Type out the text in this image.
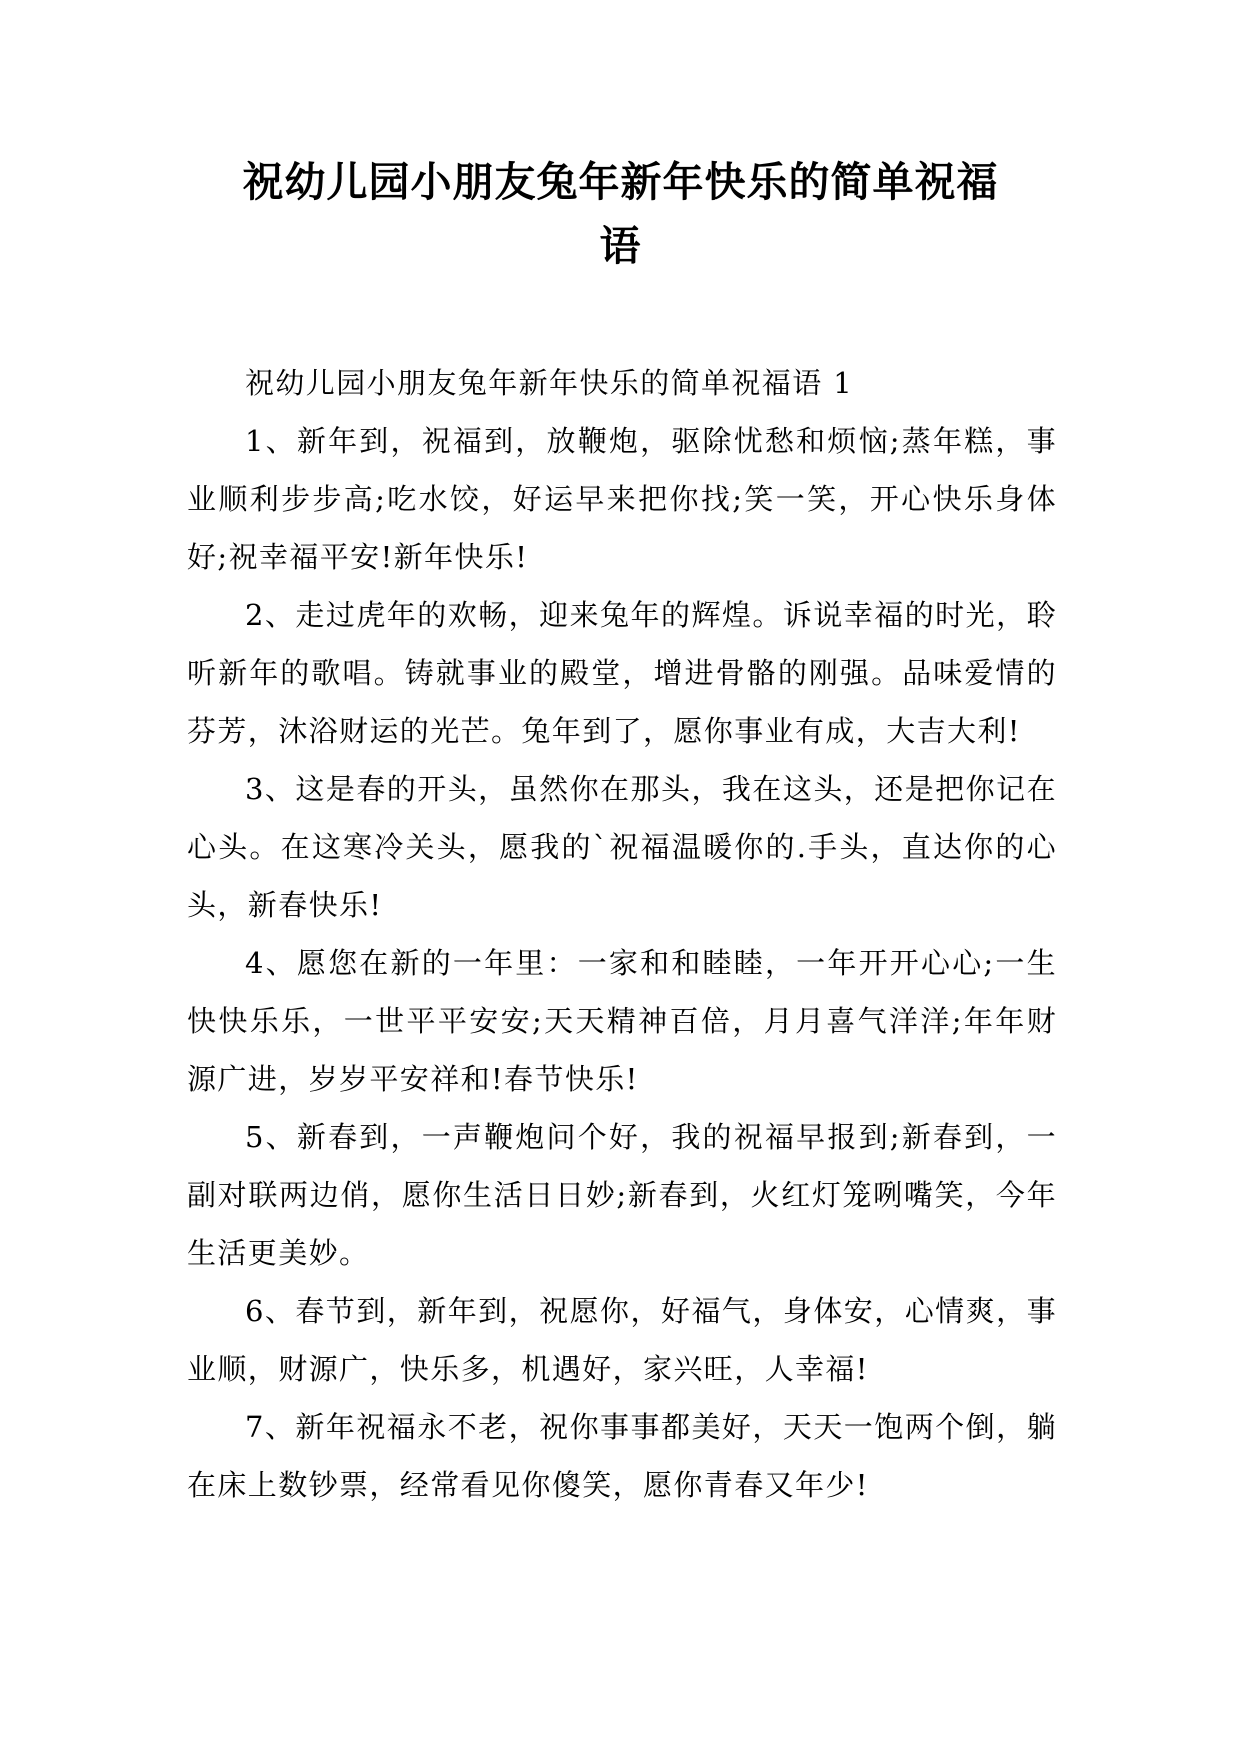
祝幼儿园小朋友兔年新年快乐的简单祝福
语

祝幼儿园小朋友兔年新年快乐的简单祝福语 1

1、新年到，祝福到，放鞭炮，驱除忧愁和烦恼;蒸年糕，事业顺利步步高;吃水饺，好运早来把你找;笑一笑，开心快乐身体好;祝幸福平安!新年快乐!

2、走过虎年的欢畅，迎来兔年的辉煌。诉说幸福的时光，聆听新年的歌唱。铸就事业的殿堂，增进骨骼的刚强。品味爱情的芬芳，沐浴财运的光芒。兔年到了，愿你事业有成，大吉大利!

3、这是春的开头，虽然你在那头，我在这头，还是把你记在心头。在这寒冷关头，愿我的`祝福温暖你的.手头，直达你的心头，新春快乐!

4、愿您在新的一年里：一家和和睦睦，一年开开心心;一生快快乐乐，一世平平安安;天天精神百倍，月月喜气洋洋;年年财源广进，岁岁平安祥和!春节快乐!

5、新春到，一声鞭炮问个好，我的祝福早报到;新春到，一副对联两边俏，愿你生活日日妙;新春到，火红灯笼咧嘴笑，今年生活更美妙。

6、春节到，新年到，祝愿你，好福气，身体安，心情爽，事业顺，财源广，快乐多，机遇好，家兴旺，人幸福!

7、新年祝福永不老，祝你事事都美好，天天一饱两个倒，躺在床上数钞票，经常看见你傻笑，愿你青春又年少!
